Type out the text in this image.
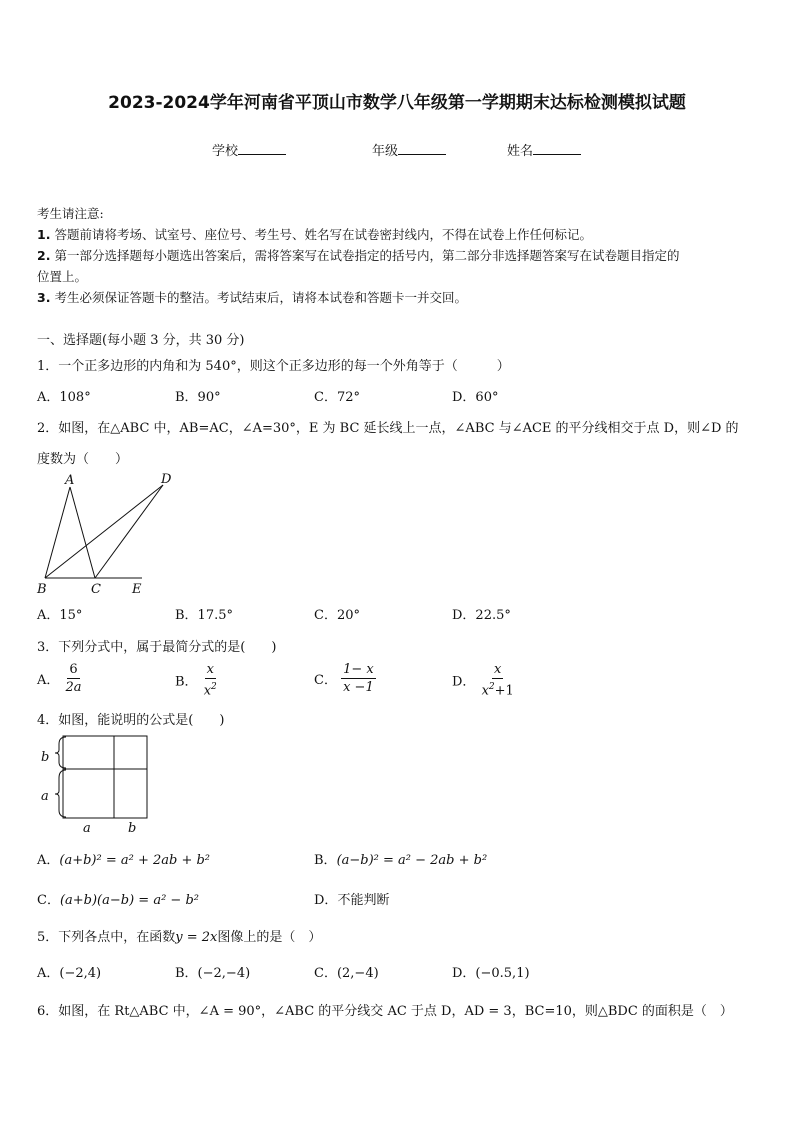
2023-2024学年河南省平顶山市数学八年级第一学期期末达标检测模拟试题
学校	年级	姓名
考生请注意:
1. 答题前请将考场、试室号、座位号、考生号、姓名写在试卷密封线内，不得在试卷上作任何标记。
2. 第一部分选择题每小题选出答案后，需将答案写在试卷指定的括号内，第二部分非选择题答案写在试卷题目指定的
位置上。
3. 考生必须保证答题卡的整洁。考试结束后，请将本试卷和答题卡一并交回。
一、选择题(每小题 3 分，共 30 分)
1．一个正多边形的内角和为 540°，则这个正多边形的每一个外角等于（　　　）
A．108°	B．90°	C．72°	D．60°
2．如图，在△ABC 中，AB=AC，∠A=30°，E 为 BC 延长线上一点，∠ABC 与∠ACE 的平分线相交于点 D，则∠D 的
度数为（　　）
A	D
B	C E
A．15°	B．17.5°	C．20°	D．22.5°
3．下列分式中，属于最简分式的是(　　)
A． $\frac{6}{2a}$	B． $\frac{x}{x^2}$	C． $\frac{1- x}{x -1}$	D． $\frac{x}{x^2+1}$
4．如图，能说明的公式是(　　)
b
a
a	b
A．(a+b)² = a² + 2ab + b²	B．(a−b)² = a² − 2ab + b²
C．(a+b)(a−b) = a² − b²	D．不能判断
5．下列各点中，在函数y = 2x图像上的是（　）
A．(−2,4)	B．(−2,−4)	C．(2,−4)	D．(−0.5,1)
6．如图，在 Rt△ABC 中，∠A = 90°，∠ABC 的平分线交 AC 于点 D，AD = 3，BC=10，则△BDC 的面积是（　）
